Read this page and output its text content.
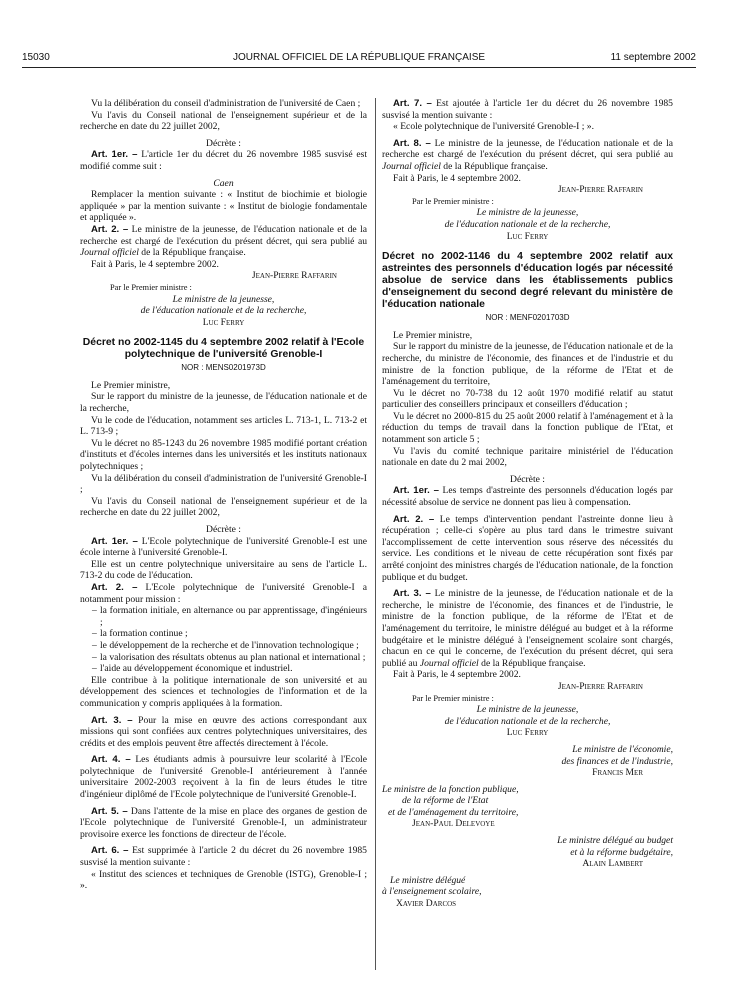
15030	JOURNAL OFFICIEL DE LA RÉPUBLIQUE FRANÇAISE	11 septembre 2002

Vu la délibération du conseil d'administration de l'université de Caen ;

Vu l'avis du Conseil national de l'enseignement supérieur et de la recherche en date du 22 juillet 2002,

Décrète :

Art. 1er. – L'article 1er du décret du 26 novembre 1985 susvisé est modifié comme suit :

Caen

Remplacer la mention suivante : « Institut de biochimie et biologie appliquée » par la mention suivante : « Institut de biologie fondamentale et appliquée ».

Art. 2. – Le ministre de la jeunesse, de l'éducation nationale et de la recherche est chargé de l'exécution du présent décret, qui sera publié au Journal officiel de la République française.

Fait à Paris, le 4 septembre 2002.

Jean-Pierre Raffarin

Par le Premier ministre :

Le ministre de la jeunesse,

de l'éducation nationale et de la recherche,

Luc Ferry

Décret no 2002-1145 du 4 septembre 2002 relatif à l'Ecole polytechnique de l'université Grenoble-I
NOR : MENS0201973D

Le Premier ministre,

Sur le rapport du ministre de la jeunesse, de l'éducation nationale et de la recherche,

Vu le code de l'éducation, notamment ses articles L. 713-1, L. 713-2 et L. 713-9 ;

Vu le décret no 85-1243 du 26 novembre 1985 modifié portant création d'instituts et d'écoles internes dans les universités et les instituts nationaux polytechniques ;

Vu la délibération du conseil d'administration de l'université Grenoble-I ;

Vu l'avis du Conseil national de l'enseignement supérieur et de la recherche en date du 22 juillet 2002,

Décrète :

Art. 1er. – L'Ecole polytechnique de l'université Grenoble-I est une école interne à l'université Grenoble-I.

Elle est un centre polytechnique universitaire au sens de l'article L. 713-2 du code de l'éducation.

Art. 2. – L'Ecole polytechnique de l'université Grenoble-I a notamment pour mission :

– la formation initiale, en alternance ou par apprentissage, d'ingénieurs ;
– la formation continue ;
– le développement de la recherche et de l'innovation technologique ;
– la valorisation des résultats obtenus au plan national et international ;
– l'aide au développement économique et industriel.

Elle contribue à la politique internationale de son université et au développement des sciences et technologies de l'information et de la communication y compris appliquées à la formation.

Art. 3. – Pour la mise en œuvre des actions correspondant aux missions qui sont confiées aux centres polytechniques universitaires, des crédits et des emplois peuvent être affectés directement à l'école.

Art. 4. – Les étudiants admis à poursuivre leur scolarité à l'Ecole polytechnique de l'université Grenoble-I antérieurement à l'année universitaire 2002-2003 reçoivent à la fin de leurs études le titre d'ingénieur diplômé de l'Ecole polytechnique de l'université Grenoble-I.

Art. 5. – Dans l'attente de la mise en place des organes de gestion de l'Ecole polytechnique de l'université Grenoble-I, un administrateur provisoire exerce les fonctions de directeur de l'école.

Art. 6. – Est supprimée à l'article 2 du décret du 26 novembre 1985 susvisé la mention suivante :

« Institut des sciences et techniques de Grenoble (ISTG), Grenoble-I ; ».

Art. 7. – Est ajoutée à l'article 1er du décret du 26 novembre 1985 susvisé la mention suivante :

« Ecole polytechnique de l'université Grenoble-I ; ».

Art. 8. – Le ministre de la jeunesse, de l'éducation nationale et de la recherche est chargé de l'exécution du présent décret, qui sera publié au Journal officiel de la République française.

Fait à Paris, le 4 septembre 2002.

Jean-Pierre Raffarin

Par le Premier ministre :

Le ministre de la jeunesse,

de l'éducation nationale et de la recherche,

Luc Ferry

Décret no 2002-1146 du 4 septembre 2002 relatif aux astreintes des personnels d'éducation logés par nécessité absolue de service dans les établissements publics d'enseignement du second degré relevant du ministère de l'éducation nationale
NOR : MENF0201703D

Le Premier ministre,

Sur le rapport du ministre de la jeunesse, de l'éducation nationale et de la recherche, du ministre de l'économie, des finances et de l'industrie et du ministre de la fonction publique, de la réforme de l'Etat et de l'aménagement du territoire,

Vu le décret no 70-738 du 12 août 1970 modifié relatif au statut particulier des conseillers principaux et conseillers d'éducation ;

Vu le décret no 2000-815 du 25 août 2000 relatif à l'aménagement et à la réduction du temps de travail dans la fonction publique de l'Etat, et notamment son article 5 ;

Vu l'avis du comité technique paritaire ministériel de l'éducation nationale en date du 2 mai 2002,

Décrète :

Art. 1er. – Les temps d'astreinte des personnels d'éducation logés par nécessité absolue de service ne donnent pas lieu à compensation.

Art. 2. – Le temps d'intervention pendant l'astreinte donne lieu à récupération ; celle-ci s'opère au plus tard dans le trimestre suivant l'accomplissement de cette intervention sous réserve des nécessités du service. Les conditions et le niveau de cette récupération sont fixés par arrêté conjoint des ministres chargés de l'éducation nationale, de la fonction publique et du budget.

Art. 3. – Le ministre de la jeunesse, de l'éducation nationale et de la recherche, le ministre de l'économie, des finances et de l'industrie, le ministre de la fonction publique, de la réforme de l'Etat et de l'aménagement du territoire, le ministre délégué au budget et à la réforme budgétaire et le ministre délégué à l'enseignement scolaire sont chargés, chacun en ce qui le concerne, de l'exécution du présent décret, qui sera publié au Journal officiel de la République française.

Fait à Paris, le 4 septembre 2002.

Jean-Pierre Raffarin

Par le Premier ministre :

Le ministre de la jeunesse,

de l'éducation nationale et de la recherche,

Luc Ferry

Le ministre de l'économie,

des finances et de l'industrie,

Francis Mer

Le ministre de la fonction publique,

de la réforme de l'Etat

et de l'aménagement du territoire,

Jean-Paul Delevoye

Le ministre délégué au budget

et à la réforme budgétaire,

Alain Lambert

Le ministre délégué

à l'enseignement scolaire,

Xavier Darcos
